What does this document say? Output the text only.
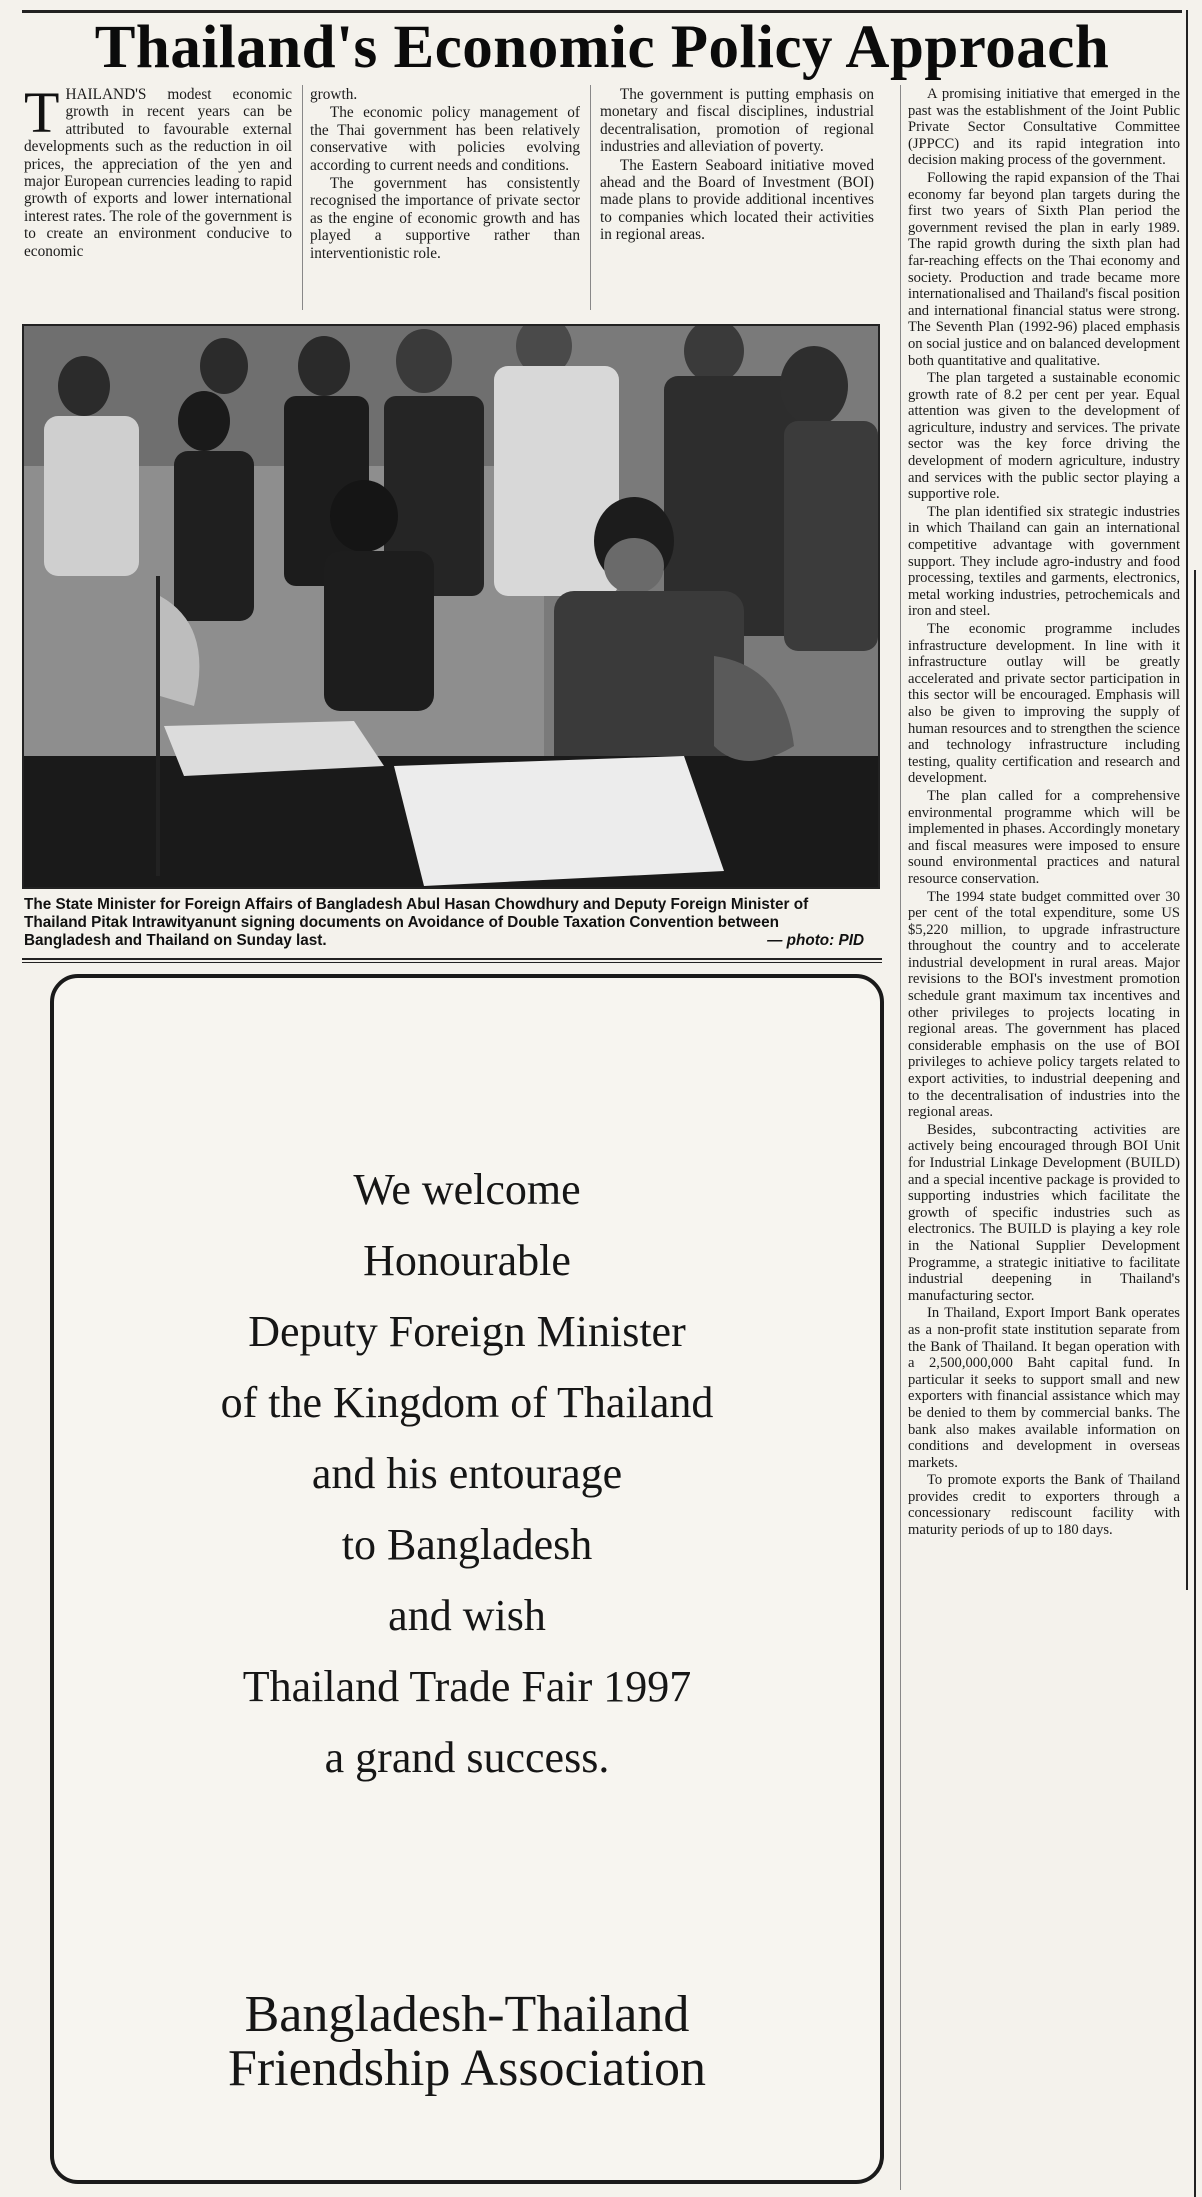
Thailand's Economic Policy Approach
T HAILAND'S modest economic growth in recent years can be attributed to favourable external developments such as the reduction in oil prices, the appreciation of the yen and major European currencies leading to rapid growth of exports and lower international interest rates. The role of the government is to create an environment conducive to economic

growth.

The economic policy management of the Thai government has been relatively conservative with policies evolving according to current needs and conditions.

The government has consistently recognised the importance of private sector as the engine of economic growth and has played a supportive rather than interventionistic role.

The government is putting emphasis on monetary and fiscal disciplines, industrial decentralisation, promotion of regional industries and alleviation of poverty.

The Eastern Seaboard initiative moved ahead and the Board of Investment (BOI) made plans to provide additional incentives to companies which located their activities in regional areas.

A promising initiative that emerged in the past was the establishment of the Joint Public Private Sector Consultative Committee (JPPCC) and its rapid integration into decision making process of the government.

Following the rapid expansion of the Thai economy far beyond plan targets during the first two years of Sixth Plan period the government revised the plan in early 1989. The rapid growth during the sixth plan had far-reaching effects on the Thai economy and society. Production and trade became more internationalised and Thailand's fiscal position and international financial status were strong. The Seventh Plan (1992-96) placed emphasis on social justice and on balanced development both quantitative and qualitative.

The plan targeted a sustainable economic growth rate of 8.2 per cent per year. Equal attention was given to the development of agriculture, industry and services. The private sector was the key force driving the development of modern agriculture, industry and services with the public sector playing a supportive role.

The plan identified six strategic industries in which Thailand can gain an international competitive advantage with government support. They include agro-industry and food processing, textiles and garments, electronics, metal working industries, petrochemicals and iron and steel.

The economic programme includes infrastructure development. In line with it infrastructure outlay will be greatly accelerated and private sector participation in this sector will be encouraged. Emphasis will also be given to improving the supply of human resources and to strengthen the science and technology infrastructure including testing, quality certification and research and development.

The plan called for a comprehensive environmental programme which will be implemented in phases. Accordingly monetary and fiscal measures were imposed to ensure sound environmental practices and natural resource conservation.

The 1994 state budget committed over 30 per cent of the total expenditure, some US $5,220 million, to upgrade infrastructure throughout the country and to accelerate industrial development in rural areas. Major revisions to the BOI's investment promotion schedule grant maximum tax incentives and other privileges to projects locating in regional areas. The government has placed considerable emphasis on the use of BOI privileges to achieve policy targets related to export activities, to industrial deepening and to the decentralisation of industries into the regional areas.

Besides, subcontracting activities are actively being encouraged through BOI Unit for Industrial Linkage Development (BUILD) and a special incentive package is provided to supporting industries which facilitate the growth of specific industries such as electronics. The BUILD is playing a key role in the National Supplier Development Programme, a strategic initiative to facilitate industrial deepening in Thailand's manufacturing sector.

In Thailand, Export Import Bank operates as a non-profit state institution separate from the Bank of Thailand. It began operation with a 2,500,000,000 Baht capital fund. In particular it seeks to support small and new exporters with financial assistance which may be denied to them by commercial banks. The bank also makes available information on conditions and development in overseas markets.

To promote exports the Bank of Thailand provides credit to exporters through a concessionary rediscount facility with maturity periods of up to 180 days.

The State Minister for Foreign Affairs of Bangladesh Abul Hasan Chowdhury and Deputy Foreign Minister of Thailand Pitak Intrawityanunt signing documents on Avoidance of Double Taxation Convention between Bangladesh and Thailand on Sunday last.	— photo: PID
We welcome
Honourable
Deputy Foreign Minister
of the Kingdom of Thailand
and his entourage
to Bangladesh
and wish
Thailand Trade Fair 1997
a grand success.
Bangladesh-Thailand
Friendship Association
